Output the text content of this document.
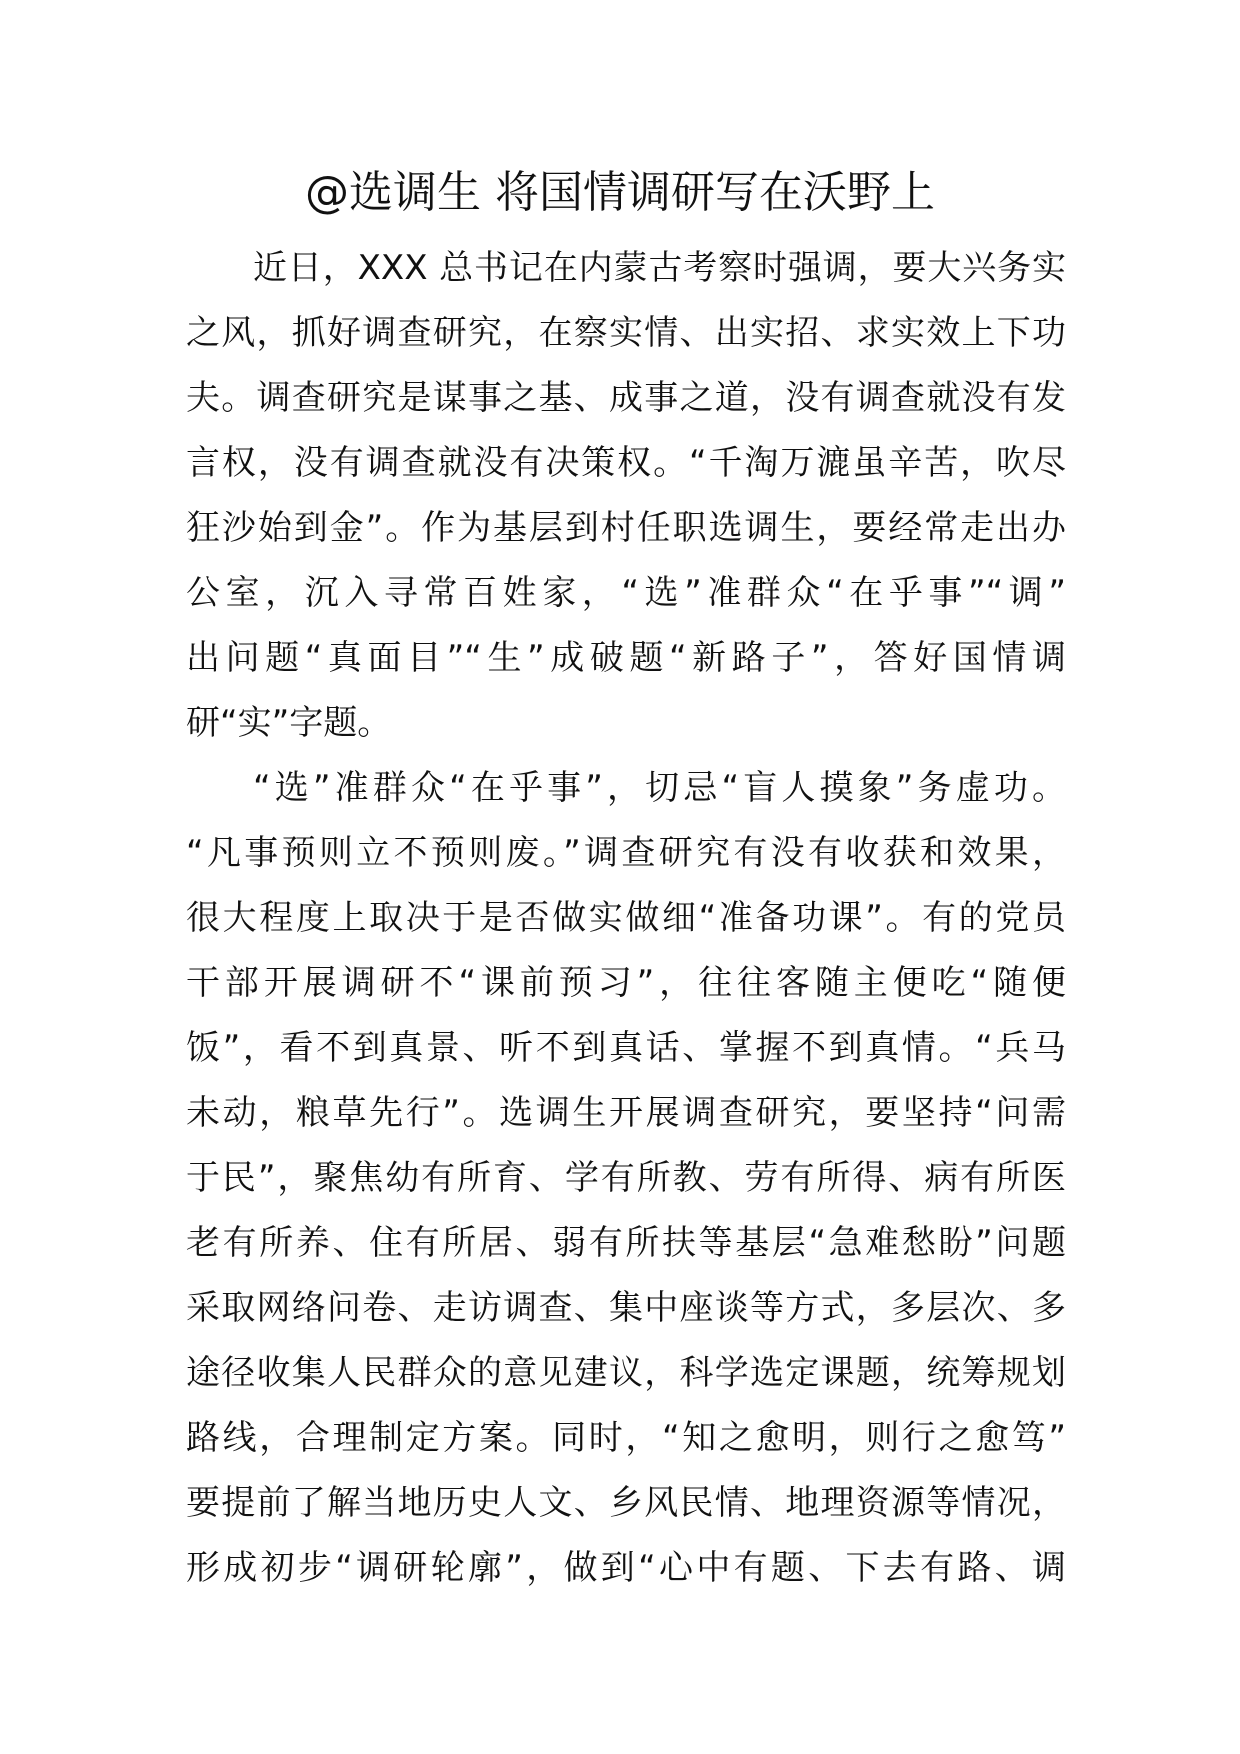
@选调生 将国情调研写在沃野上
近日，XXX 总书记在内蒙古考察时强调，要大兴务实
之风，抓好调查研究，在察实情、出实招、求实效上下功
夫。调查研究是谋事之基、成事之道，没有调查就没有发
言权，没有调查就没有决策权。“千淘万漉虽辛苦，吹尽
狂沙始到金”。作为基层到村任职选调生，要经常走出办
公室，沉入寻常百姓家，“选”准群众“在乎事”“调”
出问题“真面目”“生”成破题“新路子”，答好国情调
研“实”字题。
“选”准群众“在乎事”，切忌“盲人摸象”务虚功。
“凡事预则立不预则废。”调查研究有没有收获和效果，
很大程度上取决于是否做实做细“准备功课”。有的党员
干部开展调研不“课前预习”，往往客随主便吃“随便
饭”，看不到真景、听不到真话、掌握不到真情。“兵马
未动，粮草先行”。选调生开展调查研究，要坚持“问需
于民”，聚焦幼有所育、学有所教、劳有所得、病有所医
老有所养、住有所居、弱有所扶等基层“急难愁盼”问题
采取网络问卷、走访调查、集中座谈等方式，多层次、多
途径收集人民群众的意见建议，科学选定课题，统筹规划
路线，合理制定方案。同时，“知之愈明，则行之愈笃”
要提前了解当地历史人文、乡风民情、地理资源等情况，
形成初步“调研轮廓”，做到“心中有题、下去有路、调
